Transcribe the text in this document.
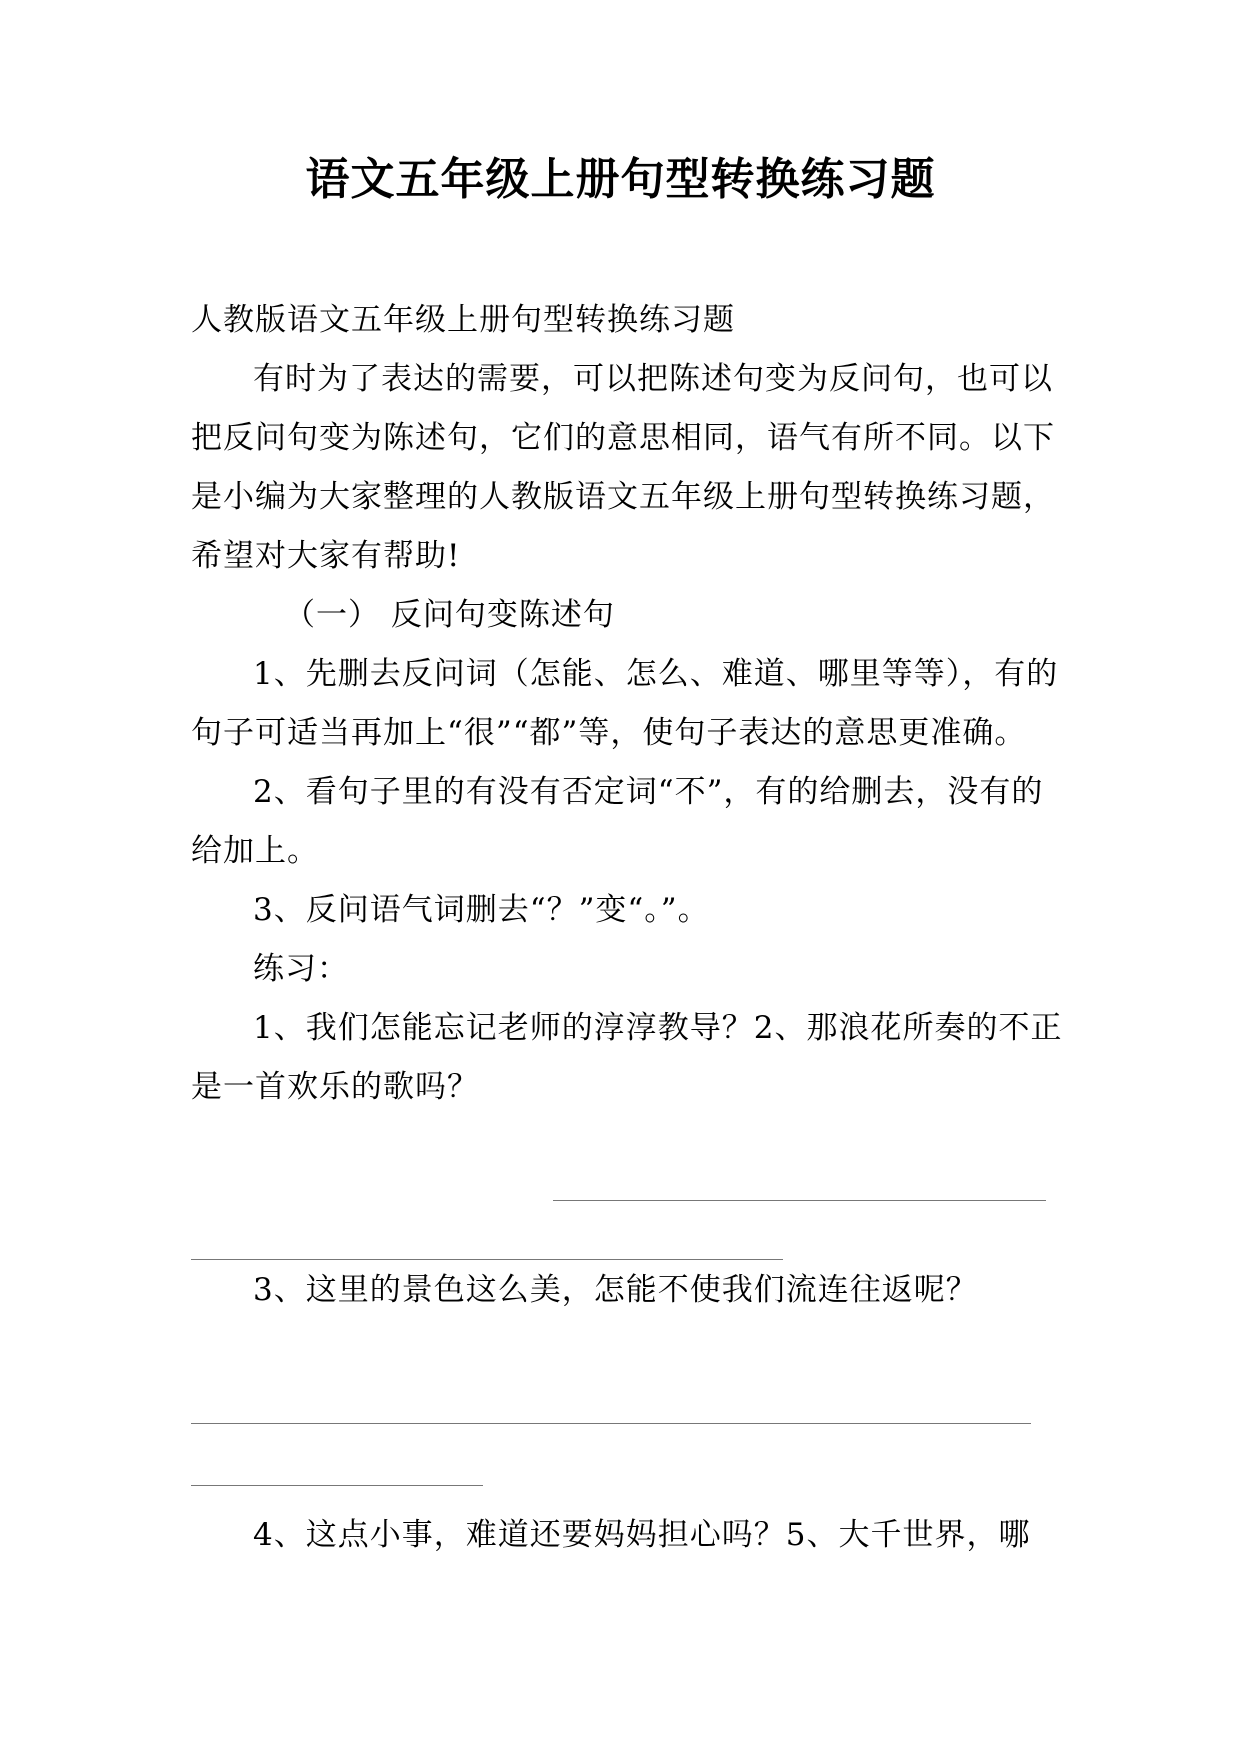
语文五年级上册句型转换练习题

人教版语文五年级上册句型转换练习题

有时为了表达的需要，可以把陈述句变为反问句，也可以把反问句变为陈述句，它们的意思相同，语气有所不同。以下是小编为大家整理的人教版语文五年级上册句型转换练习题，希望对大家有帮助!

（一） 反问句变陈述句

1、先删去反问词（怎能、怎么、难道、哪里等等），有的句子可适当再加上“很”“都”等，使句子表达的意思更准确。

2、看句子里的有没有否定词“不”，有的给删去，没有的给加上。

3、反问语气词删去“？”变“。”。

练习：

1、我们怎能忘记老师的淳淳教导？2、那浪花所奏的不正是一首欢乐的歌吗？

3、这里的景色这么美，怎能不使我们流连往返呢？

4、这点小事，难道还要妈妈担心吗？5、大千世界，哪
